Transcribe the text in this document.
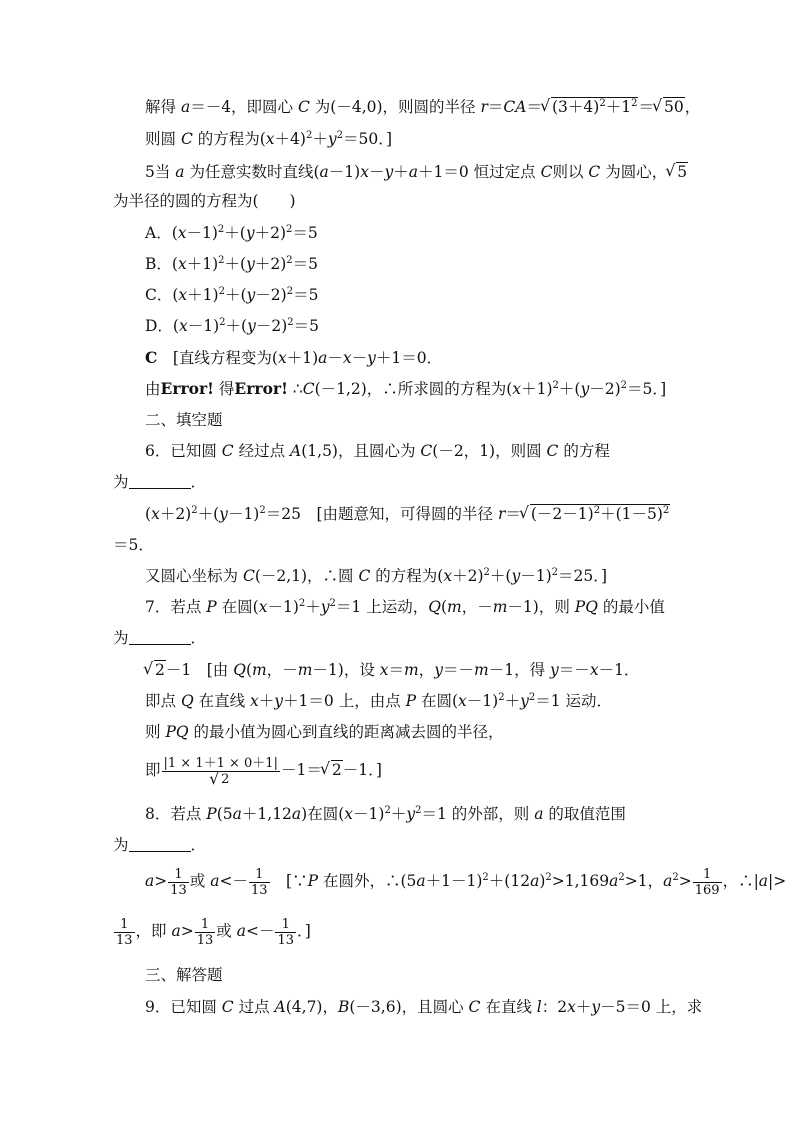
解得 a＝－4，即圆心 C 为(－4,0)，则圆的半径 r＝CA＝√ $(3+4)^2+1^2=√$ 50，
则圆 C 的方程为$(x+4)^2+y^2=50$．]
5当 a 为任意实数时直线(a－1)x－y＋a＋1＝0 恒过定点 C则以 C 为圆心，√ 5
为半径的圆的方程为(　　)
A．$(x-1)^2+(y+2)^2=5$
B．$(x+1)^2+(y+2)^2=5$
C．$(x+1)^2+(y-2)^2=5$
D．$(x-1)^2+(y-2)^2=5$
C　[直线方程变为(x＋1)a－x－y＋1＝0．
由Error! 得Error! ∴C(－1,2)，∴所求圆的方程为$(x+1)^2+(y-2)^2=5$．]
二、填空题
6．已知圆 C 经过点 A(1,5)，且圆心为 C(－2，1)，则圆 C 的方程
为	．
$(x+2)^2+(y-1)^2=25$　[由题意知，可得圆的半径 r＝√ $(-2-1)^2+(1-5)^2$
＝5．
又圆心坐标为 C(－2,1)，∴圆 C 的方程为$(x+2)^2+(y-1)^2=25$．]
7．若点 P 在圆$(x-1)^2+y^2=1$ 上运动，Q(m，－m－1)，则 PQ 的最小值
为	．
√ 2－1　[由 Q(m，－m－1)，设 x＝m，y＝－m－1，得 y＝－x－1．
即点 Q 在直线 x＋y＋1＝0 上，由点 P 在圆$(x-1)^2+y^2=1$ 运动．
则 PQ 的最小值为圆心到直线的距离减去圆的半径，
即 |1 × 1＋1 × 0＋1|
√ 2 －1＝√ 2－1．]
8．若点 P(5a＋1,12a)在圆$(x-1)^2+y^2=1$ 的外部，则 a 的取值范围
为	．
$a> \frac{1}{13}$ 或 $a<- \frac{1}{13}$ 　[∵P 在圆外，$\therefore(5a+1-1)^2+(12a)^2>1,169a^2>1$，$a^2> \frac{1}{169}$ ，∴|a|>
$\frac{1}{13}$ ，即 $a> \frac{1}{13}$ 或 $a<- \frac{1}{13}$ ．]
三、解答题
9．已知圆 C 过点 A(4,7)，B(－3,6)，且圆心 C 在直线 l：2x＋y－5＝0 上，求
